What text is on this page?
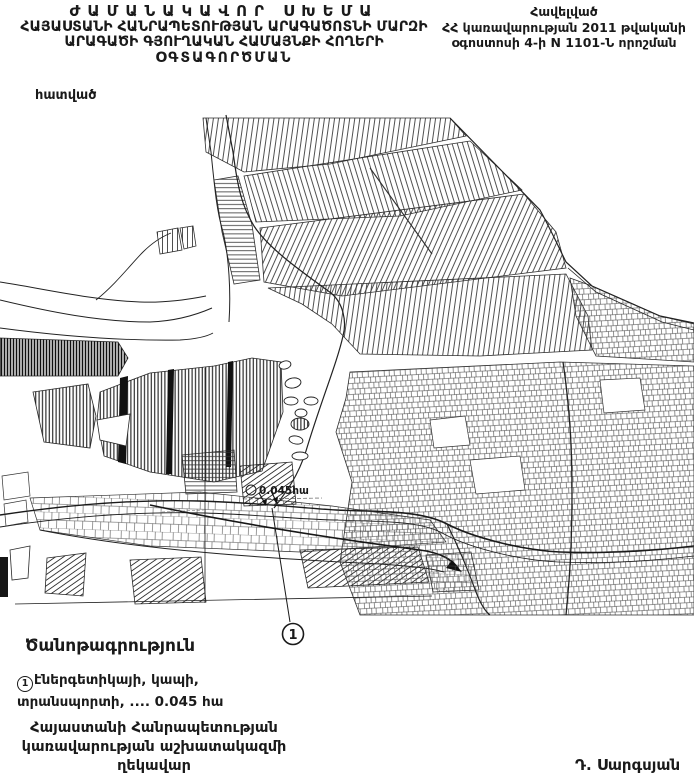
ԺԱՄԱՆԱԿԱՎՈՐ ՍԽԵՄԱ
ՀԱՅԱՍՏԱՆԻ ՀԱՆՐԱՊԵՏՈՒԹՅԱՆ ԱՐԱԳԱԾՈՏՆԻ ՄԱՐԶԻ
ԱՐԱԳԱԾԻ ԳՅՈՒՂԱԿԱՆ ՀԱՄԱՅՆՔԻ ՀՈՂԵՐԻ
ՕԳՏԱԳՈՐԾՄԱՆ
Հավելված
ՀՀ կառավարության 2011 թվականի
օգոստոսի 4-ի N 1101-Ն որոշման
հատված
0.045հա
1
Ծանոթագրություն
1 էներգետիկայի, կապի,
տրանսպորտի, .... 0.045 հա
Հայաստանի Հանրապետության
կառավարության աշխատակազմի
ղեկավար	Դ. Սարգսյան
